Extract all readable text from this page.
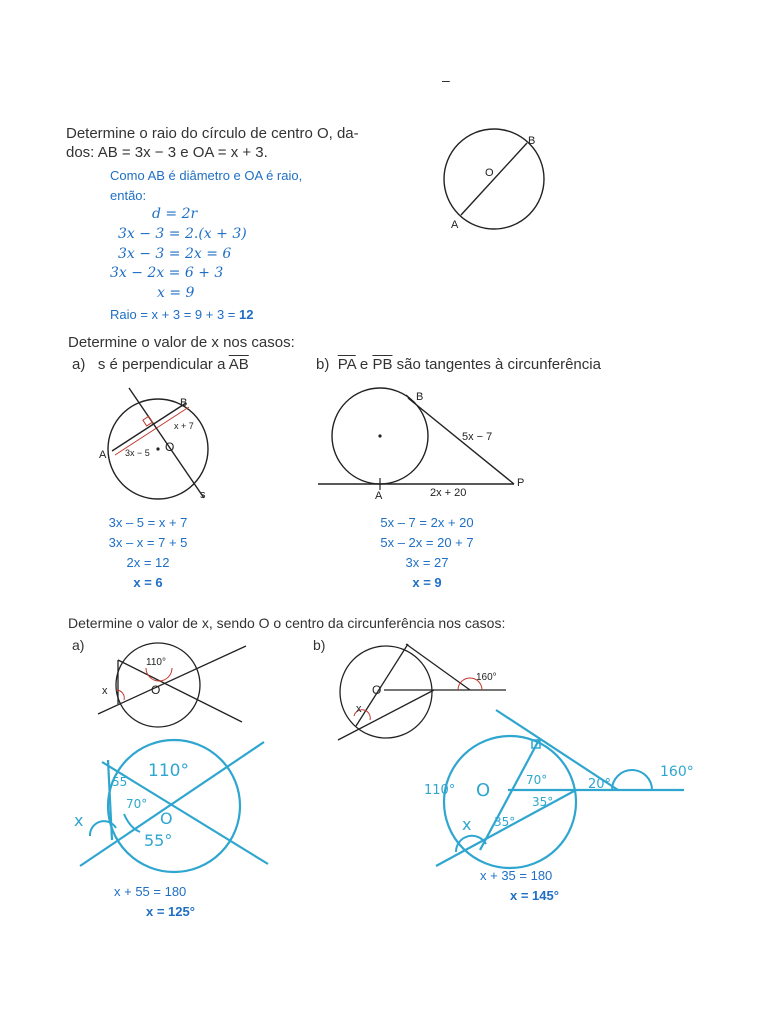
–
Determine o raio do círculo de centro O, da-
dos: AB = 3x − 3 e OA = x + 3.
Como AB é diâmetro e OA é raio,
então:
d = 2r
3x − 3 = 2.(x + 3)
3x − 3 = 2x = 6
3x − 2x = 6 + 3
x = 9
Raio = x + 3 = 9 + 3 = 12
B
O
A
Determine o valor de x nos casos:
a) s é perpendicular a $\overline{AB}$	b) $\overline{PA}$ e $\overline{PB}$ são tangentes à circunferência
B
A
O
s
x + 7
3x − 5
B
A
P
5x − 7
2x + 20
3x – 5 = x + 7
3x – x = 7 + 5
2x = 12
x = 6
5x – 7 = 2x + 20
5x – 2x = 20 + 7
3x = 27
x = 9
Determine o valor de x, sendo O o centro da circunferência nos casos:
a)	b)
110°
x	O
160°
x
O
110°
55
70°
55°
x	O
110°
70°
35°
35°
20°
160°
x
O
x + 55 = 180
x = 125°
x + 35 = 180
x = 145°
